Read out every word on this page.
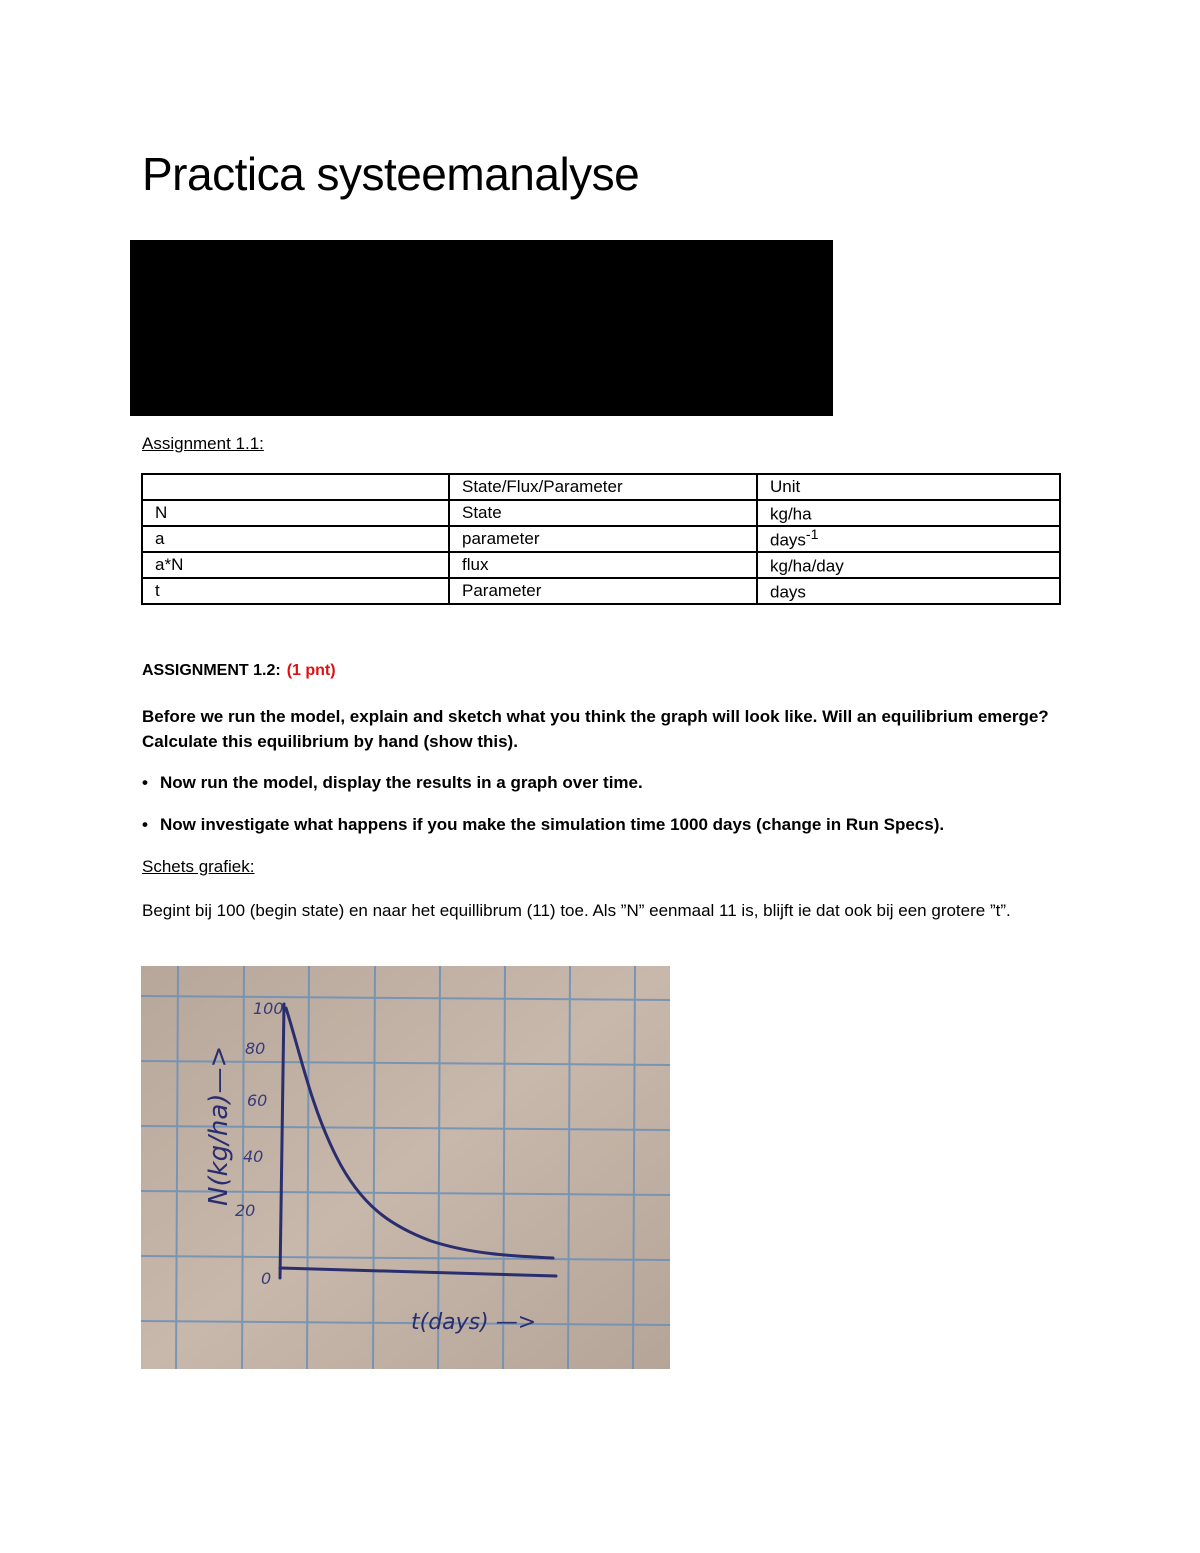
Practica systeemanalyse

Assignment 1.1:

	State/Flux/Parameter	Unit
N	State	kg/ha
a	parameter	days$^{-1}$
a*N	flux	kg/ha/day
t	Parameter	days

ASSIGNMENT 1.2: (1 pnt)

Before we run the model, explain and sketch what you think the graph will look like. Will an equilibrium emerge? Calculate this equilibrium by hand (show this).

• Now run the model, display the results in a graph over time.
• Now investigate what happens if you make the simulation time 1000 days (change in Run Specs).

Schets grafiek:

Begint bij 100 (begin state) en naar het equillibrum (11) toe. Als ”N” eenmaal 11 is, blijft ie dat ook bij een grotere ”t”.

100
80
60
40
20
0
N(kg/ha)—>
t(days) —>
